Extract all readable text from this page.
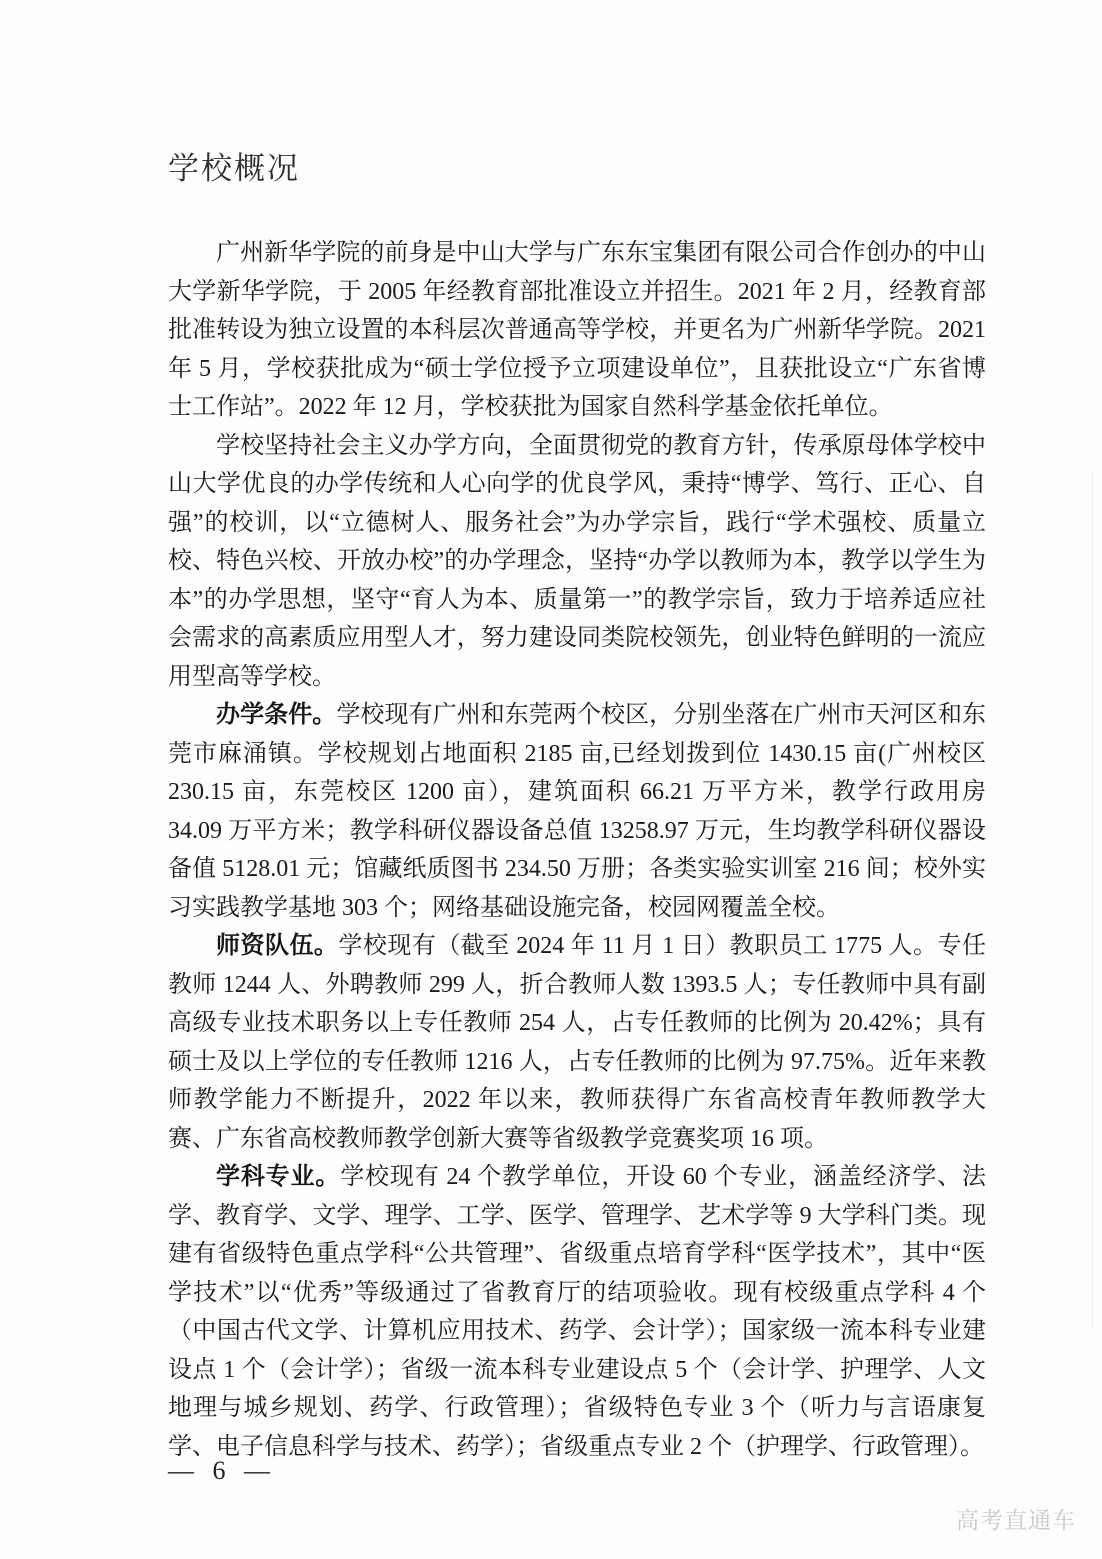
学校概况

广州新华学院的前身是中山大学与广东东宝集团有限公司合作创办的中山大学新华学院，于 2005 年经教育部批准设立并招生。2021 年 2 月，经教育部批准转设为独立设置的本科层次普通高等学校，并更名为广州新华学院。2021 年 5 月，学校获批成为“硕士学位授予立项建设单位”，且获批设立“广东省博士工作站”。2022 年 12 月，学校获批为国家自然科学基金依托单位。

学校坚持社会主义办学方向，全面贯彻党的教育方针，传承原母体学校中山大学优良的办学传统和人心向学的优良学风，秉持“博学、笃行、正心、自强”的校训，以“立德树人、服务社会”为办学宗旨，践行“学术强校、质量立校、特色兴校、开放办校”的办学理念，坚持“办学以教师为本，教学以学生为本”的办学思想，坚守“育人为本、质量第一”的教学宗旨，致力于培养适应社会需求的高素质应用型人才，努力建设同类院校领先，创业特色鲜明的一流应用型高等学校。

办学条件。学校现有广州和东莞两个校区，分别坐落在广州市天河区和东莞市麻涌镇。学校规划占地面积 2185 亩,已经划拨到位 1430.15 亩(广州校区 230.15 亩，东莞校区 1200 亩），建筑面积 66.21 万平方米，教学行政用房 34.09 万平方米；教学科研仪器设备总值 13258.97 万元，生均教学科研仪器设备值 5128.01 元；馆藏纸质图书 234.50 万册；各类实验实训室 216 间；校外实习实践教学基地 303 个；网络基础设施完备，校园网覆盖全校。

师资队伍。学校现有（截至 2024 年 11 月 1 日）教职员工 1775 人。专任教师 1244 人、外聘教师 299 人，折合教师人数 1393.5 人；专任教师中具有副高级专业技术职务以上专任教师 254 人，占专任教师的比例为 20.42%；具有硕士及以上学位的专任教师 1216 人，占专任教师的比例为 97.75%。近年来教师教学能力不断提升，2022 年以来，教师获得广东省高校青年教师教学大赛、广东省高校教师教学创新大赛等省级教学竞赛奖项 16 项。

学科专业。学校现有 24 个教学单位，开设 60 个专业，涵盖经济学、法学、教育学、文学、理学、工学、医学、管理学、艺术学等 9 大学科门类。现建有省级特色重点学科“公共管理”、省级重点培育学科“医学技术”，其中“医学技术”以“优秀”等级通过了省教育厅的结项验收。现有校级重点学科 4 个（中国古代文学、计算机应用技术、药学、会计学）；国家级一流本科专业建设点 1 个（会计学）；省级一流本科专业建设点 5 个（会计学、护理学、人文地理与城乡规划、药学、行政管理）；省级特色专业 3 个（听力与言语康复学、电子信息科学与技术、药学）；省级重点专业 2 个（护理学、行政管理）。

— 6 —
高考直通车
